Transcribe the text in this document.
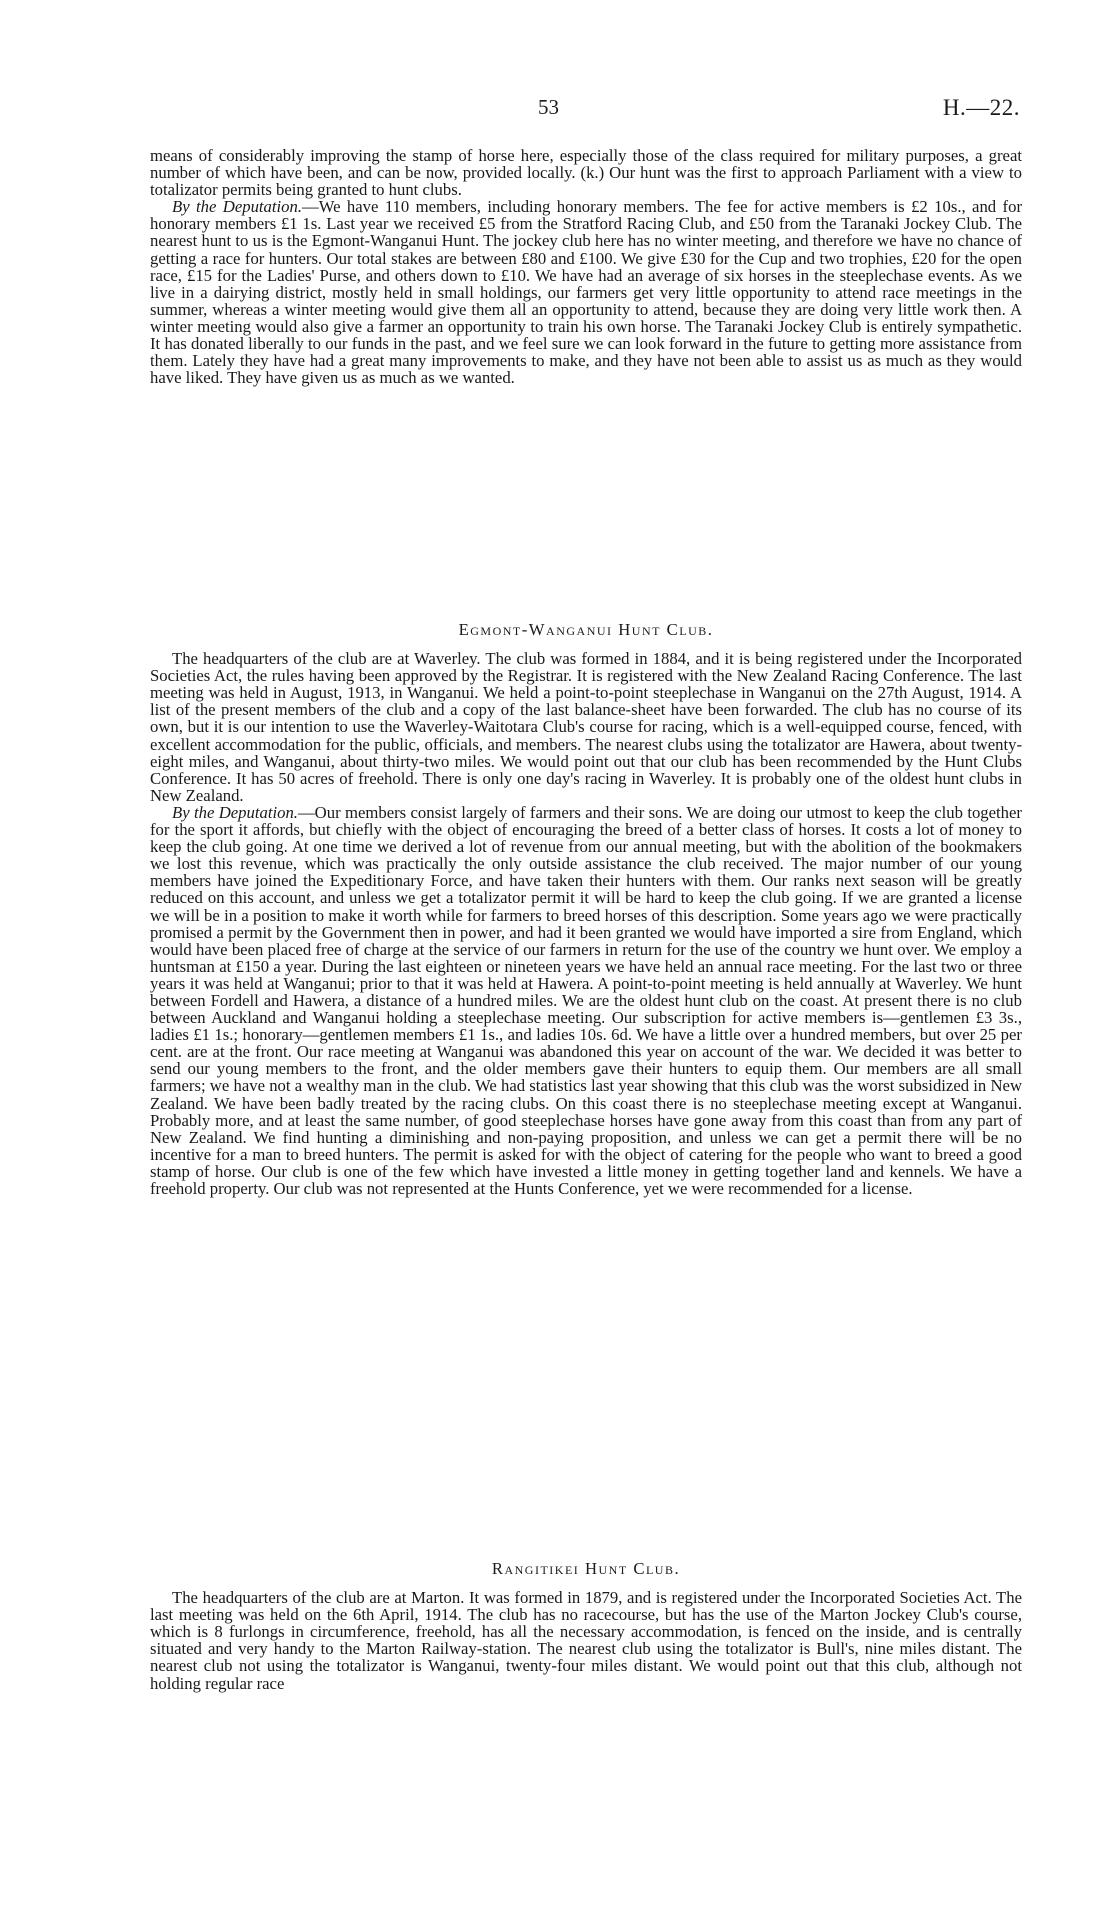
53	H.—22.

means of considerably improving the stamp of horse here, especially those of the class required for military purposes, a great number of which have been, and can be now, provided locally. (k.) Our hunt was the first to approach Parliament with a view to totalizator permits being granted to hunt clubs.

By the Deputation.—We have 110 members, including honorary members. The fee for active members is £2 10s., and for honorary members £1 1s. Last year we received £5 from the Stratford Racing Club, and £50 from the Taranaki Jockey Club. The nearest hunt to us is the Egmont-Wanganui Hunt. The jockey club here has no winter meeting, and therefore we have no chance of getting a race for hunters. Our total stakes are between £80 and £100. We give £30 for the Cup and two trophies, £20 for the open race, £15 for the Ladies' Purse, and others down to £10. We have had an average of six horses in the steeplechase events. As we live in a dairying district, mostly held in small holdings, our farmers get very little opportunity to attend race meetings in the summer, whereas a winter meeting would give them all an opportunity to attend, because they are doing very little work then. A winter meeting would also give a farmer an opportunity to train his own horse. The Taranaki Jockey Club is entirely sympathetic. It has donated liberally to our funds in the past, and we feel sure we can look forward in the future to getting more assistance from them. Lately they have had a great many improvements to make, and they have not been able to assist us as much as they would have liked. They have given us as much as we wanted.

Egmont-Wanganui Hunt Club.

The headquarters of the club are at Waverley. The club was formed in 1884, and it is being registered under the Incorporated Societies Act, the rules having been approved by the Registrar. It is registered with the New Zealand Racing Conference. The last meeting was held in August, 1913, in Wanganui. We held a point-to-point steeplechase in Wanganui on the 27th August, 1914. A list of the present members of the club and a copy of the last balance-sheet have been forwarded. The club has no course of its own, but it is our intention to use the Waverley-Waitotara Club's course for racing, which is a well-equipped course, fenced, with excellent accommodation for the public, officials, and members. The nearest clubs using the totalizator are Hawera, about twenty-eight miles, and Wanganui, about thirty-two miles. We would point out that our club has been recommended by the Hunt Clubs Conference. It has 50 acres of freehold. There is only one day's racing in Waverley. It is probably one of the oldest hunt clubs in New Zealand.

By the Deputation.—Our members consist largely of farmers and their sons. We are doing our utmost to keep the club together for the sport it affords, but chiefly with the object of encouraging the breed of a better class of horses. It costs a lot of money to keep the club going. At one time we derived a lot of revenue from our annual meeting, but with the abolition of the bookmakers we lost this revenue, which was practically the only outside assistance the club received. The major number of our young members have joined the Expeditionary Force, and have taken their hunters with them. Our ranks next season will be greatly reduced on this account, and unless we get a totalizator permit it will be hard to keep the club going. If we are granted a license we will be in a position to make it worth while for farmers to breed horses of this description. Some years ago we were practically promised a permit by the Government then in power, and had it been granted we would have imported a sire from England, which would have been placed free of charge at the service of our farmers in return for the use of the country we hunt over. We employ a huntsman at £150 a year. During the last eighteen or nineteen years we have held an annual race meeting. For the last two or three years it was held at Wanganui; prior to that it was held at Hawera. A point-to-point meeting is held annually at Waverley. We hunt between Fordell and Hawera, a distance of a hundred miles. We are the oldest hunt club on the coast. At present there is no club between Auckland and Wanganui holding a steeplechase meeting. Our subscription for active members is—gentlemen £3 3s., ladies £1 1s.; honorary—gentlemen members £1 1s., and ladies 10s. 6d. We have a little over a hundred members, but over 25 per cent. are at the front. Our race meeting at Wanganui was abandoned this year on account of the war. We decided it was better to send our young members to the front, and the older members gave their hunters to equip them. Our members are all small farmers; we have not a wealthy man in the club. We had statistics last year showing that this club was the worst subsidized in New Zealand. We have been badly treated by the racing clubs. On this coast there is no steeplechase meeting except at Wanganui. Probably more, and at least the same number, of good steeplechase horses have gone away from this coast than from any part of New Zealand. We find hunting a diminishing and non-paying proposition, and unless we can get a permit there will be no incentive for a man to breed hunters. The permit is asked for with the object of catering for the people who want to breed a good stamp of horse. Our club is one of the few which have invested a little money in getting together land and kennels. We have a freehold property. Our club was not represented at the Hunts Conference, yet we were recommended for a license.

Rangitikei Hunt Club.

The headquarters of the club are at Marton. It was formed in 1879, and is registered under the Incorporated Societies Act. The last meeting was held on the 6th April, 1914. The club has no racecourse, but has the use of the Marton Jockey Club's course, which is 8 furlongs in circumference, freehold, has all the necessary accommodation, is fenced on the inside, and is centrally situated and very handy to the Marton Railway-station. The nearest club using the totalizator is Bull's, nine miles distant. The nearest club not using the totalizator is Wanganui, twenty-four miles distant. We would point out that this club, although not holding regular race
